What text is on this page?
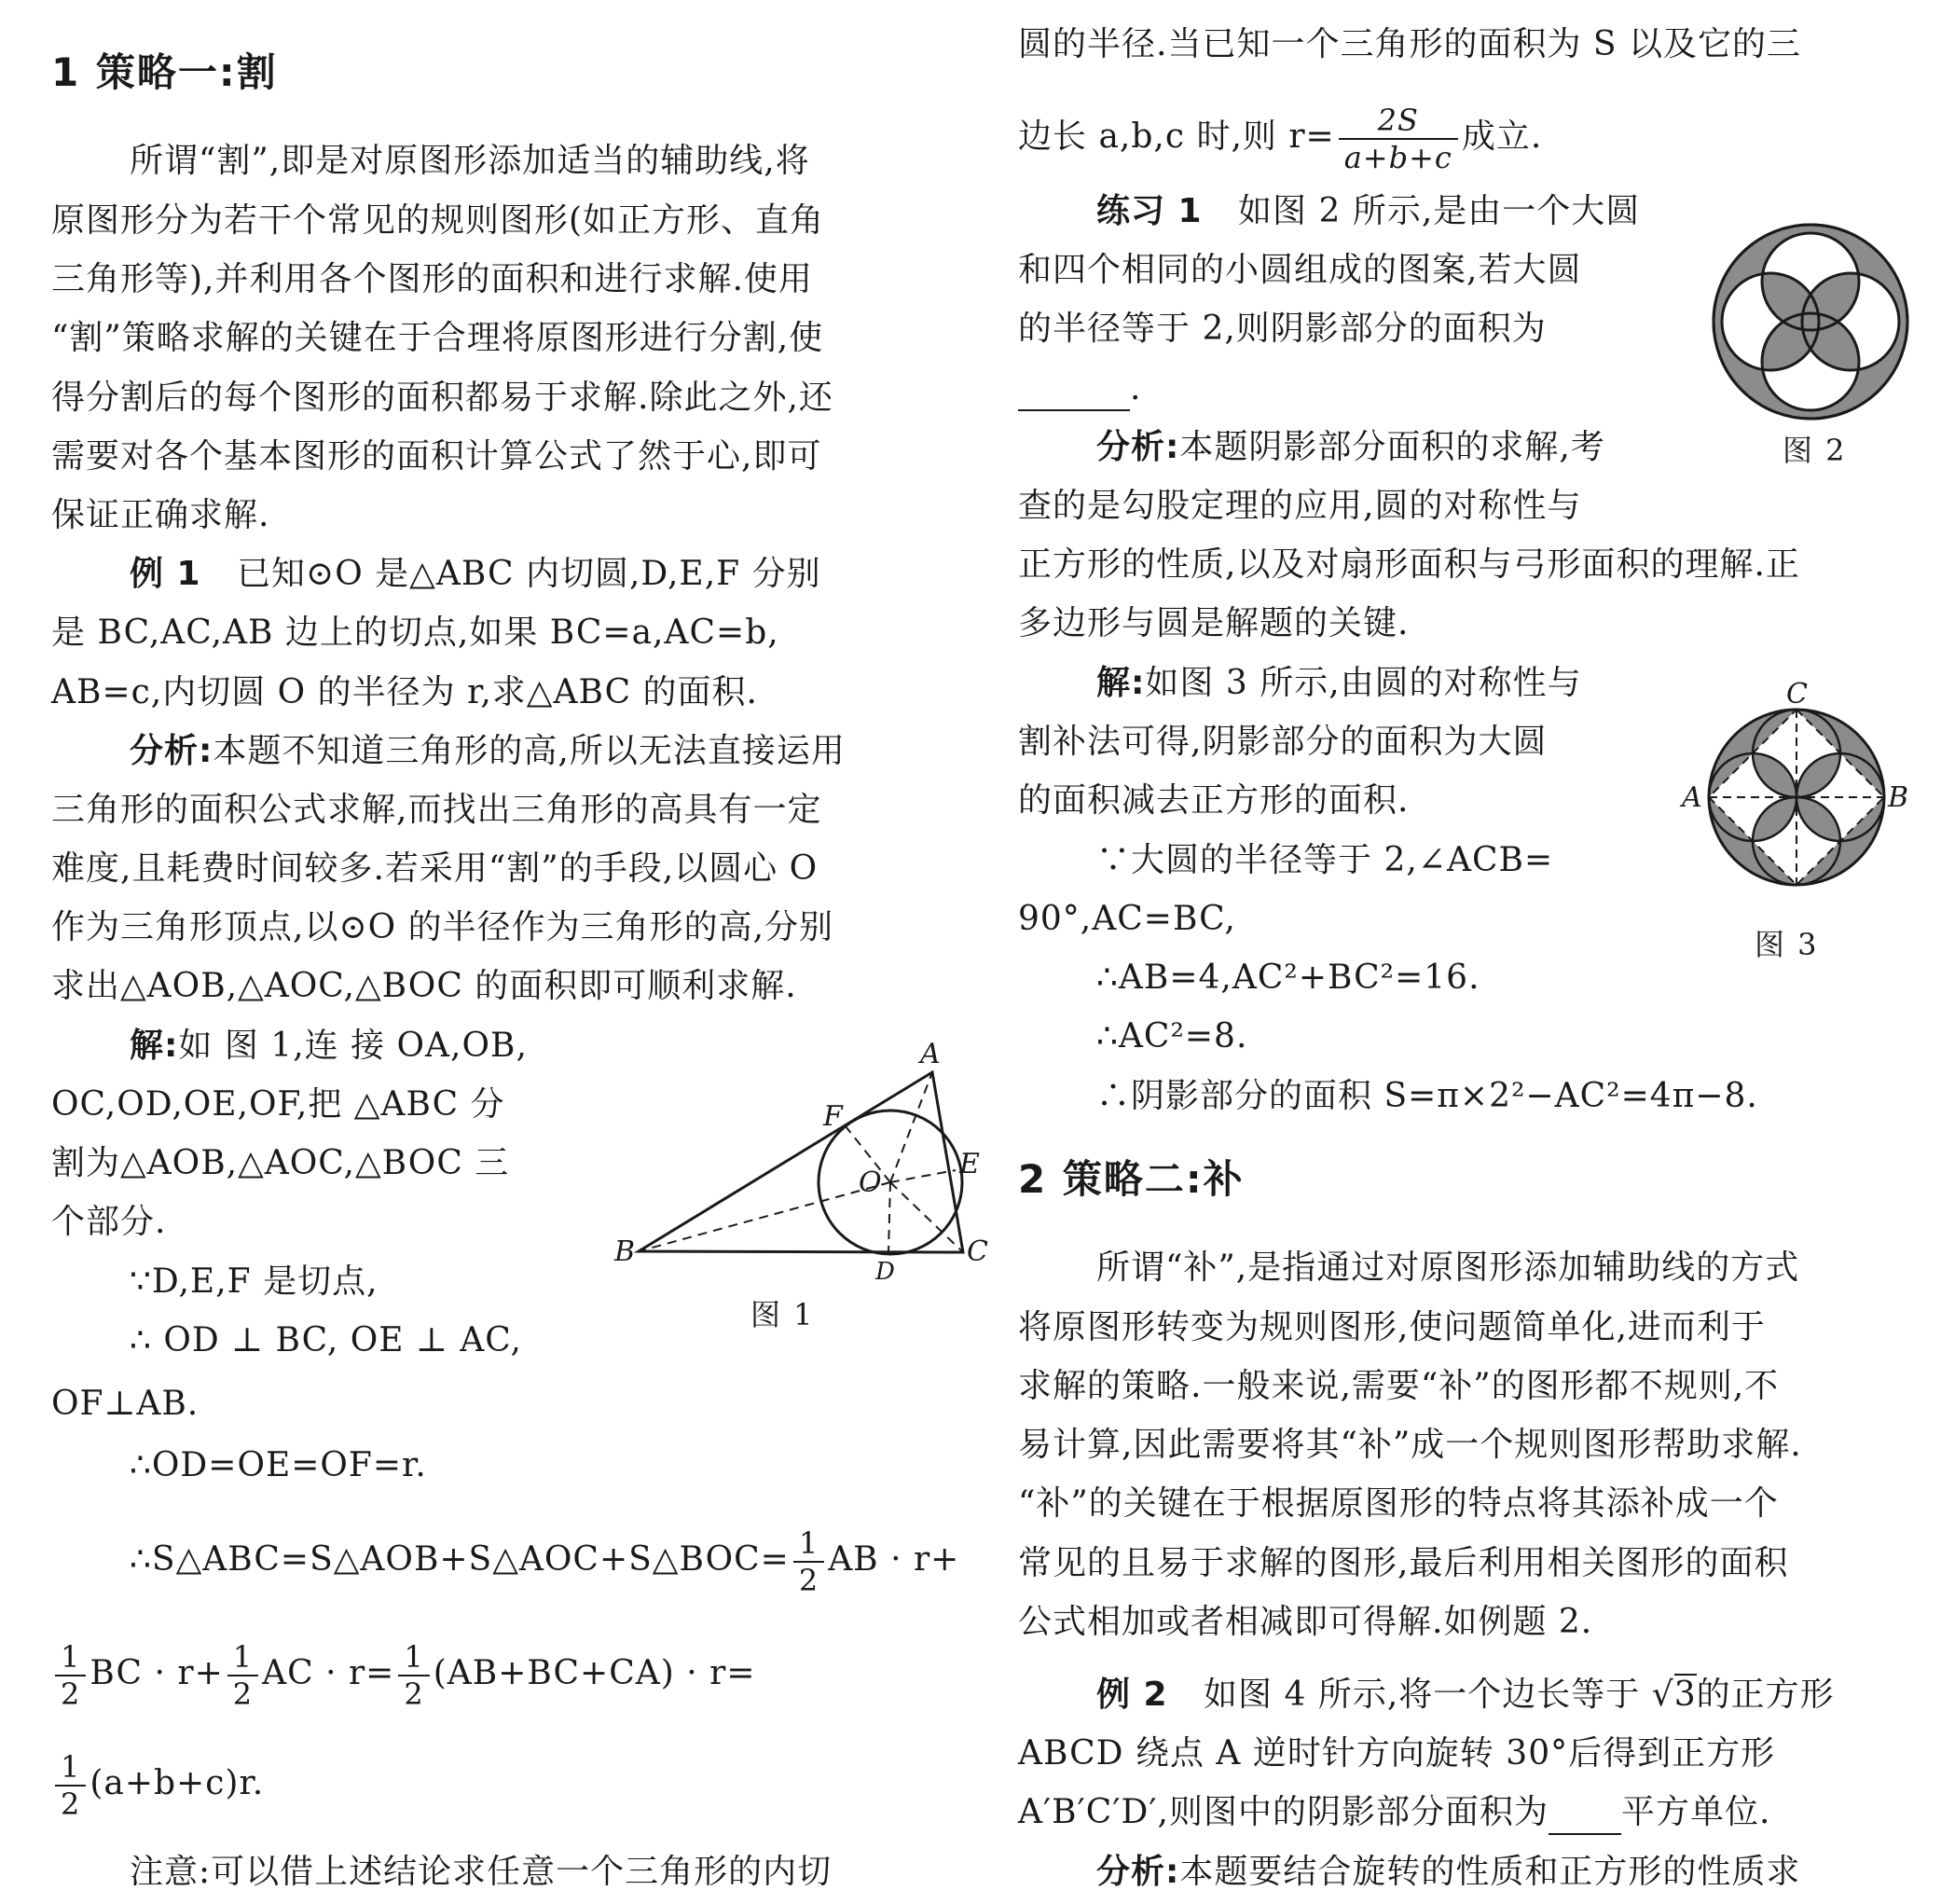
1 策略一:割
所谓“割”,即是对原图形添加适当的辅助线,将
原图形分为若干个常见的规则图形(如正方形、直角
三角形等),并利用各个图形的面积和进行求解.使用
“割”策略求解的关键在于合理将原图形进行分割,使
得分割后的每个图形的面积都易于求解.除此之外,还
需要对各个基本图形的面积计算公式了然于心,即可
保证正确求解.
例 1 已知⊙O 是△ABC 内切圆,D,E,F 分别
是 BC,AC,AB 边上的切点,如果 BC=a,AC=b,
AB=c,内切圆 O 的半径为 r,求△ABC 的面积.
分析:本题不知道三角形的高,所以无法直接运用
三角形的面积公式求解,而找出三角形的高具有一定
难度,且耗费时间较多.若采用“割”的手段,以圆心 O
作为三角形顶点,以⊙O 的半径作为三角形的高,分别
求出△AOB,△AOC,△BOC 的面积即可顺利求解.
解:如 图 1,连 接 OA,OB,
OC,OD,OE,OF,把 △ABC 分
割为△AOB,△AOC,△BOC 三
个部分.
∵D,E,F 是切点,
∴ OD ⊥ BC, OE ⊥ AC,
OF⊥AB.
∴OD=OE=OF=r.
∴S△ABC=S△AOB+S△AOC+S△BOC= $\frac{1}{2}$ AB · r+
$\frac{1}{2}$ BC · $r+ \frac{1}{2}$ AC · $r= \frac{1}{2} (AB+BC+CA) \cdot r=$
$\frac{1}{2} (a+b+c)r$.
注意:可以借上述结论求任意一个三角形的内切
A
B	C
D
E
F
O
图 1
圆的半径.当已知一个三角形的面积为 S 以及它的三
边长 a,b,c 时,则 $r= \frac{2S}{a+b+c}$ 成立.
练习 1 如图 2 所示,是由一个大圆
和四个相同的小圆组成的图案,若大圆
的半径等于 2,则阴影部分的面积为
.
分析:本题阴影部分面积的求解,考
查的是勾股定理的应用,圆的对称性与
正方形的性质,以及对扇形面积与弓形面积的理解.正
多边形与圆是解题的关键.
解:如图 3 所示,由圆的对称性与
割补法可得,阴影部分的面积为大圆
的面积减去正方形的面积.
∵大圆的半径等于 2,∠ACB=
90°,AC=BC,
∴AB=4,AC²+BC²=16.
∴AC²=8.
∴阴影部分的面积 S=π×2²−AC²=4π−8.
2 策略二:补
所谓“补”,是指通过对原图形添加辅助线的方式
将原图形转变为规则图形,使问题简单化,进而利于
求解的策略.一般来说,需要“补”的图形都不规则,不
易计算,因此需要将其“补”成一个规则图形帮助求解.
“补”的关键在于根据原图形的特点将其添补成一个
常见的且易于求解的图形,最后利用相关图形的面积
公式相加或者相减即可得解.如例题 2.
例 2 如图 4 所示,将一个边长等于 √3的正方形
ABCD 绕点 A 逆时针方向旋转 30°后得到正方形
A′B′C′D′,则图中的阴影部分面积为 平方单位.
分析:本题要结合旋转的性质和正方形的性质求
图 2
C
A	B
图 3
